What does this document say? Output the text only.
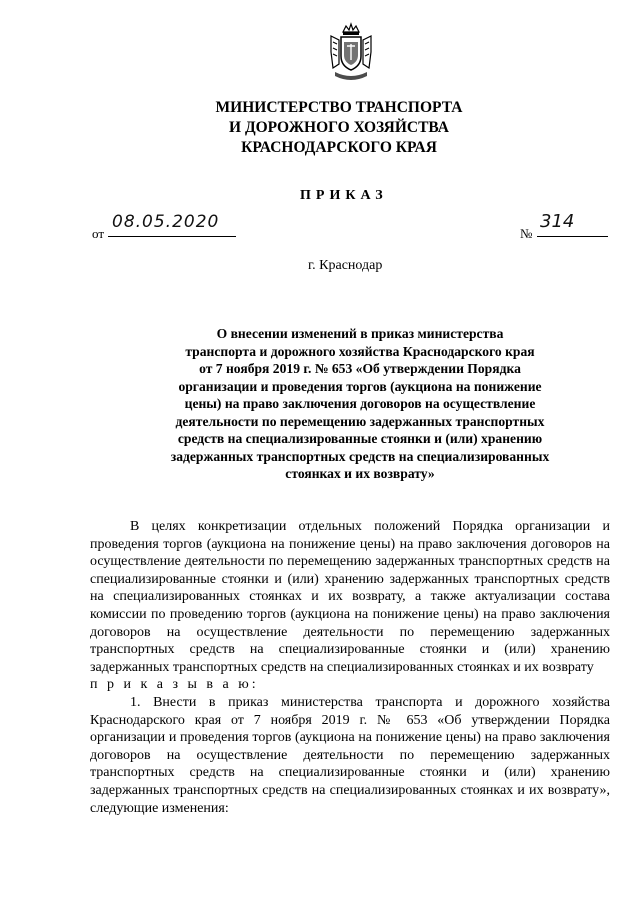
МИНИСТЕРСТВО ТРАНСПОРТА
И ДОРОЖНОГО ХОЗЯЙСТВА
КРАСНОДАРСКОГО КРАЯ
ПРИКАЗ
от
08.05.2020
№
314
г. Краснодар
О внесении изменений в приказ министерства
транспорта и дорожного хозяйства Краснодарского края
от 7 ноября 2019 г. № 653 «Об утверждении Порядка
организации и проведения торгов (аукциона на понижение
цены) на право заключения договоров на осуществление
деятельности по перемещению задержанных транспортных
средств на специализированные стоянки и (или) хранению
задержанных транспортных средств на специализированных
стоянках и их возврату»

В целях конкретизации отдельных положений Порядка организации и проведения торгов (аукциона на понижение цены) на право заключения договоров на осуществление деятельности по перемещению задержанных транспортных средств на специализированные стоянки и (или) хранению задержанных транспортных средств на специализированных стоянках и их возврату, а также актуализации состава комиссии по проведению торгов (аукциона на понижение цены) на право заключения договоров на осуществление деятельности по перемещению задержанных транспортных средств на специализированные стоянки и (или) хранению задержанных транспортных средств на специализированных стоянках и их возврату

п р и к а з ы в а ю:

1. Внести в приказ министерства транспорта и дорожного хозяйства Краснодарского края от 7 ноября 2019 г. № 653 «Об утверждении Порядка организации и проведения торгов (аукциона на понижение цены) на право заключения договоров на осуществление деятельности по перемещению задержанных транспортных средств на специализированные стоянки и (или) хранению задержанных транспортных средств на специализированных стоянках и их возврату», следующие изменения:
